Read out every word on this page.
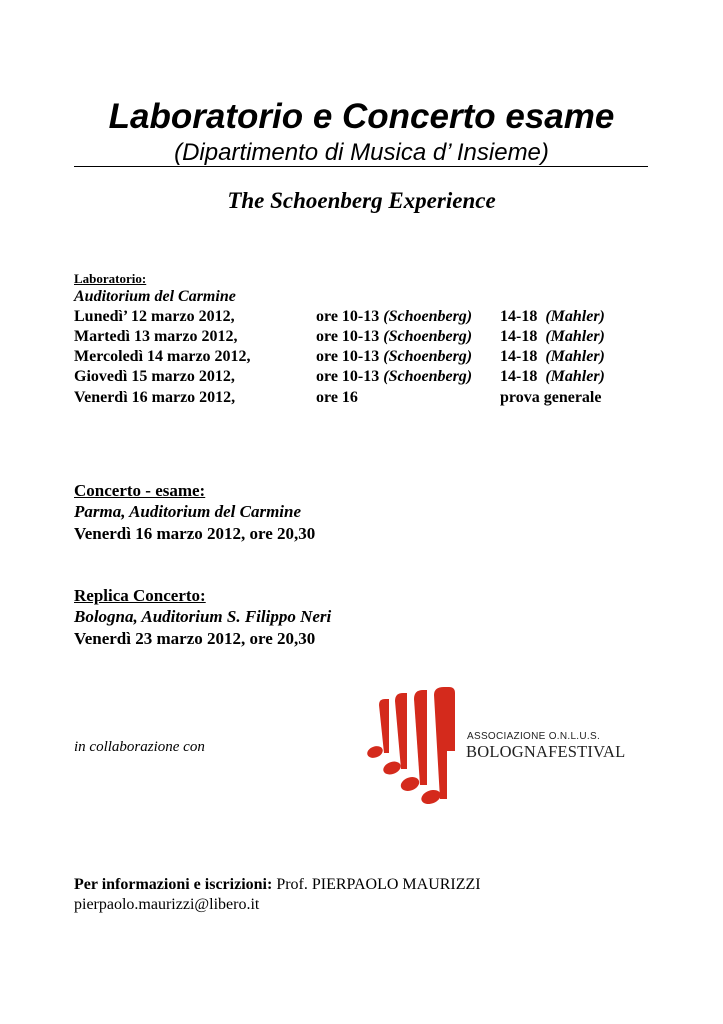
Laboratorio e Concerto esame
(Dipartimento di Musica d’ Insieme)
The Schoenberg Experience
Laboratorio:
Auditorium del Carmine
Lunedì’ 12 marzo 2012,	ore 10-13 (Schoenberg) 14-18 (Mahler)
Martedì 13 marzo 2012,	ore 10-13 (Schoenberg) 14-18 (Mahler)
Mercoledì 14 marzo 2012,	ore 10-13 (Schoenberg) 14-18 (Mahler)
Giovedì 15 marzo 2012,	ore 10-13 (Schoenberg) 14-18 (Mahler)
Venerdì 16 marzo 2012,	ore 16	prova generale
Concerto - esame:
Parma, Auditorium del Carmine
Venerdì 16 marzo 2012, ore 20,30
Replica Concerto:
Bologna, Auditorium S. Filippo Neri
Venerdì 23 marzo 2012, ore 20,30
in collaborazione con
ASSOCIAZIONE O.N.L.U.S.
BOLOGNAFESTIVAL
Per informazioni e iscrizioni: Prof. PIERPAOLO MAURIZZI
pierpaolo.maurizzi@libero.it
